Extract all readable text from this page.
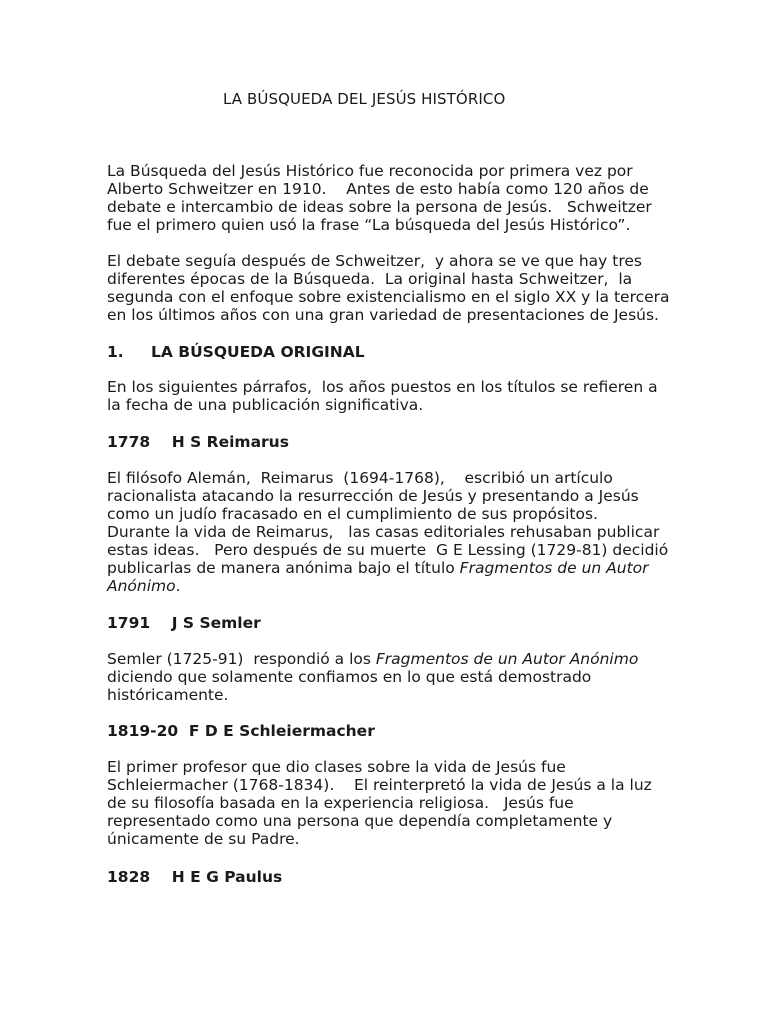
LA BÚSQUEDA DEL JESÚS HISTÓRICO

La Búsqueda del Jesús Histórico fue reconocida por primera vez por
Alberto Schweitzer en 1910.    Antes de esto había como 120 años de
debate e intercambio de ideas sobre la persona de Jesús.   Schweitzer
fue el primero quien usó la frase “La búsqueda del Jesús Histórico”.

El debate seguía después de Schweitzer,  y ahora se ve que hay tres
diferentes épocas de la Búsqueda.  La original hasta Schweitzer,  la
segunda con el enfoque sobre existencialismo en el siglo XX y la tercera
en los últimos años con una gran variedad de presentaciones de Jesús.

1. LA BÚSQUEDA ORIGINAL

En los siguientes párrafos,  los años puestos en los títulos se refieren a
la fecha de una publicación significativa.

1778    H S Reimarus

El filósofo Alemán,  Reimarus  (1694-1768),    escribió un artículo
racionalista atacando la resurrección de Jesús y presentando a Jesús
como un judío fracasado en el cumplimiento de sus propósitos.
Durante la vida de Reimarus,   las casas editoriales rehusaban publicar
estas ideas.   Pero después de su muerte  G E Lessing (1729-81) decidió
publicarlas de manera anónima bajo el título Fragmentos de un Autor
Anónimo.

1791    J S Semler

Semler (1725-91)  respondió a los Fragmentos de un Autor Anónimo
diciendo que solamente confiamos en lo que está demostrado
históricamente.

1819-20  F D E Schleiermacher

El primer profesor que dio clases sobre la vida de Jesús fue
Schleiermacher (1768-1834).    El reinterpretó la vida de Jesús a la luz
de su filosofía basada en la experiencia religiosa.   Jesús fue
representado como una persona que dependía completamente y
únicamente de su Padre.

1828    H E G Paulus
